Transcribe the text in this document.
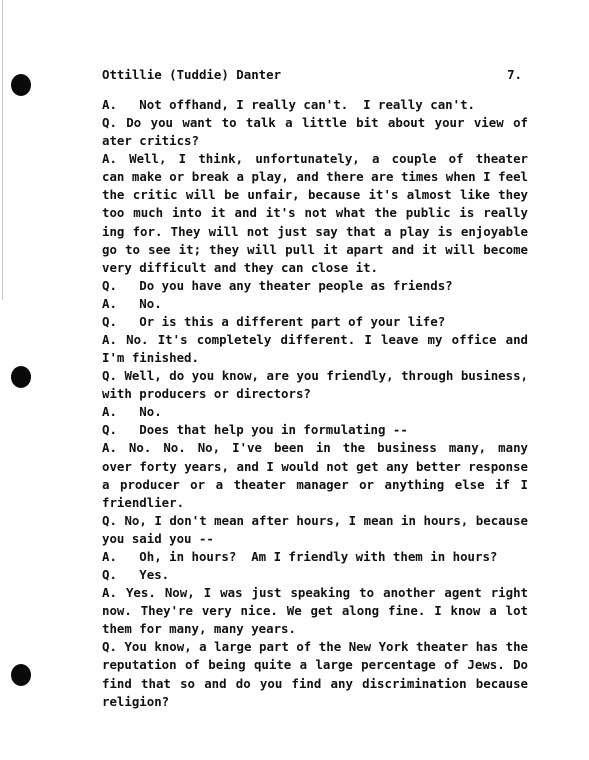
Ottillie (Tuddie) Danter	7.
A.   Not offhand, I really can't.  I really can't.
Q. Do you want to talk a little bit about your view of
ater critics?
A. Well, I think, unfortunately, a couple of theater
can make or break a play, and there are times when I feel
the critic will be unfair, because it's almost like they
too much into it and it's not what the public is really
ing for. They will not just say that a play is enjoyable
go to see it; they will pull it apart and it will become
very difficult and they can close it.
Q.   Do you have any theater people as friends?
A.   No.
Q.   Or is this a different part of your life?
A. No. It's completely different. I leave my office and
I'm finished.
Q. Well, do you know, are you friendly, through business,
with producers or directors?
A.   No.
Q.   Does that help you in formulating --
A. No. No. No, I've been in the business many, many
over forty years, and I would not get any better response
a producer or a theater manager or anything else if I
friendlier.
Q. No, I don't mean after hours, I mean in hours, because
you said you --
A.   Oh, in hours?  Am I friendly with them in hours?
Q.   Yes.
A. Yes. Now, I was just speaking to another agent right
now. They're very nice. We get along fine. I know a lot
them for many, many years.
Q. You know, a large part of the New York theater has the
reputation of being quite a large percentage of Jews. Do
find that so and do you find any discrimination because
religion?
